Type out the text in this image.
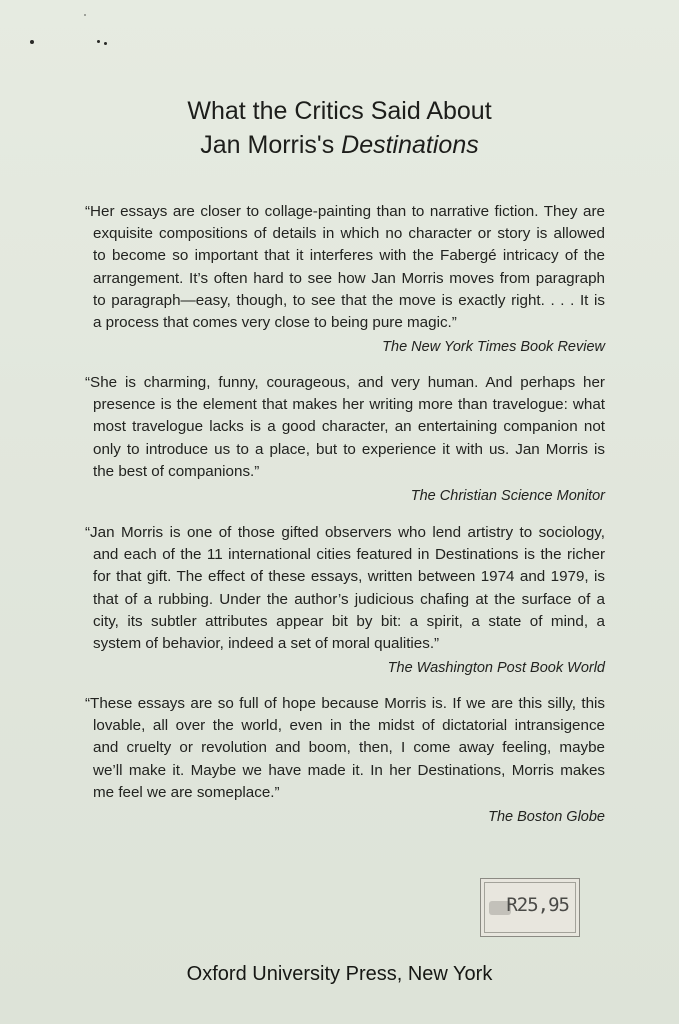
What the Critics Said About
Jan Morris's Destinations

“Her essays are closer to collage-painting than to narrative fiction. They are
exquisite compositions of details in which no character or story is allowed
to become so important that it interferes with the Fabergé intricacy of the
arrangement. It’s often hard to see how Jan Morris moves from paragraph
to paragraph—easy, though, to see that the move is exactly right. . . . It is
a process that comes very close to being pure magic.”

The New York Times Book Review

“She is charming, funny, courageous, and very human. And perhaps her
presence is the element that makes her writing more than travelogue: what
most travelogue lacks is a good character, an entertaining companion not
only to introduce us to a place, but to experience it with us. Jan Morris is
the best of companions.”

The Christian Science Monitor

“Jan Morris is one of those gifted observers who lend artistry to sociology,
and each of the 11 international cities featured in Destinations is the richer
for that gift. The effect of these essays, written between 1974 and 1979, is
that of a rubbing. Under the author’s judicious chafing at the surface of a
city, its subtler attributes appear bit by bit: a spirit, a state of mind, a
system of behavior, indeed a set of moral qualities.”

The Washington Post Book World

“These essays are so full of hope because Morris is. If we are this silly, this
lovable, all over the world, even in the midst of dictatorial intransigence
and cruelty or revolution and boom, then, I come away feeling, maybe
we’ll make it. Maybe we have made it. In her Destinations, Morris makes
me feel we are someplace.”

The Boston Globe
R25,95
Oxford University Press, New York
